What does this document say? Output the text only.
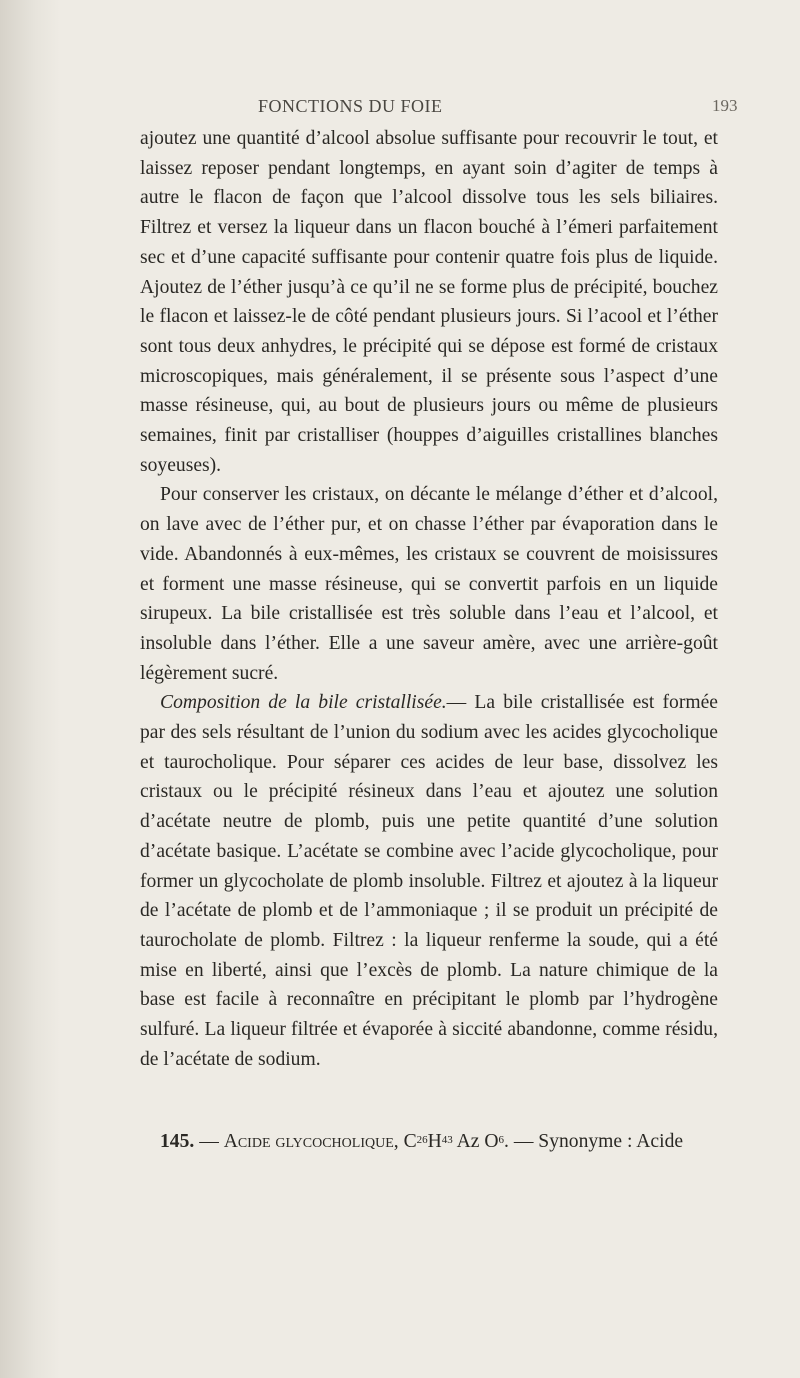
FONCTIONS DU FOIE	193

ajoutez une quantité d’alcool absolue suffisante pour recouvrir le tout, et laissez reposer pendant longtemps, en ayant soin d’agiter de temps à autre le flacon de façon que l’alcool dissolve tous les sels biliaires. Filtrez et versez la liqueur dans un flacon bouché à l’émeri parfaitement sec et d’une capacité suffisante pour contenir quatre fois plus de liquide. Ajoutez de l’éther jusqu’à ce qu’il ne se forme plus de précipité, bouchez le flacon et laissez-le de côté pendant plusieurs jours. Si l’acool et l’éther sont tous deux anhydres, le précipité qui se dépose est formé de cristaux microscopiques, mais généralement, il se présente sous l’aspect d’une masse résineuse, qui, au bout de plusieurs jours ou même de plusieurs semaines, finit par cristalliser (houppes d’aiguilles cristallines blanches soyeuses).

Pour conserver les cristaux, on décante le mélange d’éther et d’alcool, on lave avec de l’éther pur, et on chasse l’éther par évaporation dans le vide. Abandonnés à eux-mêmes, les cristaux se couvrent de moisissures et forment une masse résineuse, qui se convertit parfois en un liquide sirupeux. La bile cristallisée est très soluble dans l’eau et l’alcool, et insoluble dans l’éther. Elle a une saveur amère, avec une arrière-goût légèrement sucré.

Composition de la bile cristallisée.— La bile cristallisée est formée par des sels résultant de l’union du sodium avec les acides glycocholique et taurocholique. Pour séparer ces acides de leur base, dissolvez les cristaux ou le précipité résineux dans l’eau et ajoutez une solution d’acétate neutre de plomb, puis une petite quantité d’une solution d’acétate basique. L’acétate se combine avec l’acide glycocholique, pour former un glycocholate de plomb insoluble. Filtrez et ajoutez à la liqueur de l’acétate de plomb et de l’ammoniaque ; il se produit un précipité de taurocholate de plomb. Filtrez : la liqueur renferme la soude, qui a été mise en liberté, ainsi que l’excès de plomb. La nature chimique de la base est facile à reconnaître en précipitant le plomb par l’hydrogène sulfuré. La liqueur filtrée et évaporée à siccité abandonne, comme résidu, de l’acétate de sodium.

145. — Acide glycocholique, $C^{26}H^{43}$ Az $O^6$. — Synonyme : Acide
